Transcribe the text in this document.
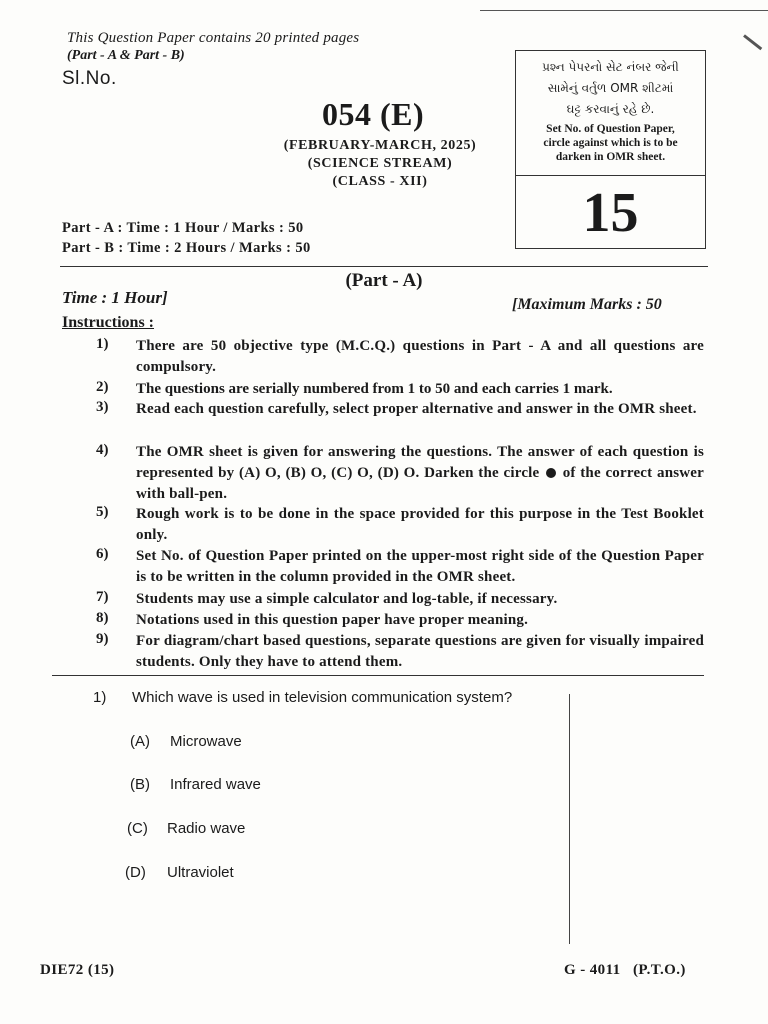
This Question Paper contains 20 printed pages
(Part - A & Part - B)
Sl.No.
054 (E)
(FEBRUARY-MARCH, 2025)
(SCIENCE STREAM)
(CLASS - XII)
પ્રશ્ન પેપરનો સેટ નંબર જેની
સામેનું વર્તુળ OMR શીટમાં
ઘટ્ટ કરવાનું રહે છે.
Set No. of Question Paper,
circle against which is to be
darken in OMR sheet.
15
Part - A : Time : 1 Hour / Marks : 50
Part - B : Time : 2 Hours / Marks : 50
(Part - A)
Time : 1 Hour]	[Maximum Marks : 50
Instructions :
1)	There are 50 objective type (M.C.Q.) questions in Part - A and all questions are compulsory.
2)	The questions are serially numbered from 1 to 50 and each carries 1 mark.
3)	Read each question carefully, select proper alternative and answer in the OMR sheet.
4)	The OMR sheet is given for answering the questions. The answer of each question is represented by (A) O, (B) O, (C) O, (D) O. Darken the circle of the correct answer with ball-pen.
5)	Rough work is to be done in the space provided for this purpose in the Test Booklet only.
6)	Set No. of Question Paper printed on the upper-most right side of the Question Paper is to be written in the column provided in the OMR sheet.
7)	Students may use a simple calculator and log-table, if necessary.
8)	Notations used in this question paper have proper meaning.
9)	For diagram/chart based questions, separate questions are given for visually impaired students. Only they have to attend them.
1) Which wave is used in television communication system?
(A) Microwave
(B) Infrared wave
(C) Radio wave
(D) Ultraviolet
DIE72 (15)	G - 4011   (P.T.O.)
